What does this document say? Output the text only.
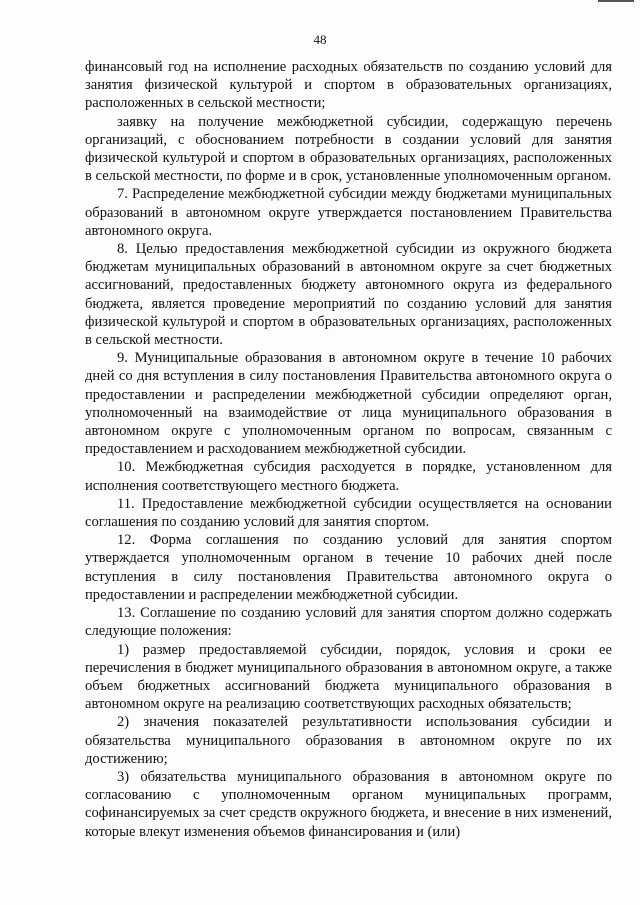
48

финансовый год на исполнение расходных обязательств по созданию условий для занятия физической культурой и спортом в образовательных организациях, расположенных в сельской местности;

заявку на получение межбюджетной субсидии, содержащую перечень организаций, с обоснованием потребности в создании условий для занятия физической культурой и спортом в образовательных организациях, расположенных в сельской местности, по форме и в срок, установленные уполномоченным органом.

7. Распределение межбюджетной субсидии между бюджетами муниципальных образований в автономном округе утверждается постановлением Правительства автономного округа.

8. Целью предоставления межбюджетной субсидии из окружного бюджета бюджетам муниципальных образований в автономном округе за счет бюджетных ассигнований, предоставленных бюджету автономного округа из федерального бюджета, является проведение мероприятий по созданию условий для занятия физической культурой и спортом в образовательных организациях, расположенных в сельской местности.

9. Муниципальные образования в автономном округе в течение 10 рабочих дней со дня вступления в силу постановления Правительства автономного округа о предоставлении и распределении межбюджетной субсидии определяют орган, уполномоченный на взаимодействие от лица муниципального образования в автономном округе с уполномоченным органом по вопросам, связанным с предоставлением и расходованием межбюджетной субсидии.

10. Межбюджетная субсидия расходуется в порядке, установленном для исполнения соответствующего местного бюджета.

11. Предоставление межбюджетной субсидии осуществляется на основании соглашения по созданию условий для занятия спортом.

12. Форма соглашения по созданию условий для занятия спортом утверждается уполномоченным органом в течение 10 рабочих дней после вступления в силу постановления Правительства автономного округа о предоставлении и распределении межбюджетной субсидии.

13. Соглашение по созданию условий для занятия спортом должно содержать следующие положения:

1) размер предоставляемой субсидии, порядок, условия и сроки ее перечисления в бюджет муниципального образования в автономном округе, а также объем бюджетных ассигнований бюджета муниципального образования в автономном округе на реализацию соответствующих расходных обязательств;

2) значения показателей результативности использования субсидии и обязательства муниципального образования в автономном округе по их достижению;

3) обязательства муниципального образования в автономном округе по согласованию с уполномоченным органом муниципальных программ, софинансируемых за счет средств окружного бюджета, и внесение в них изменений, которые влекут изменения объемов финансирования и (или)
